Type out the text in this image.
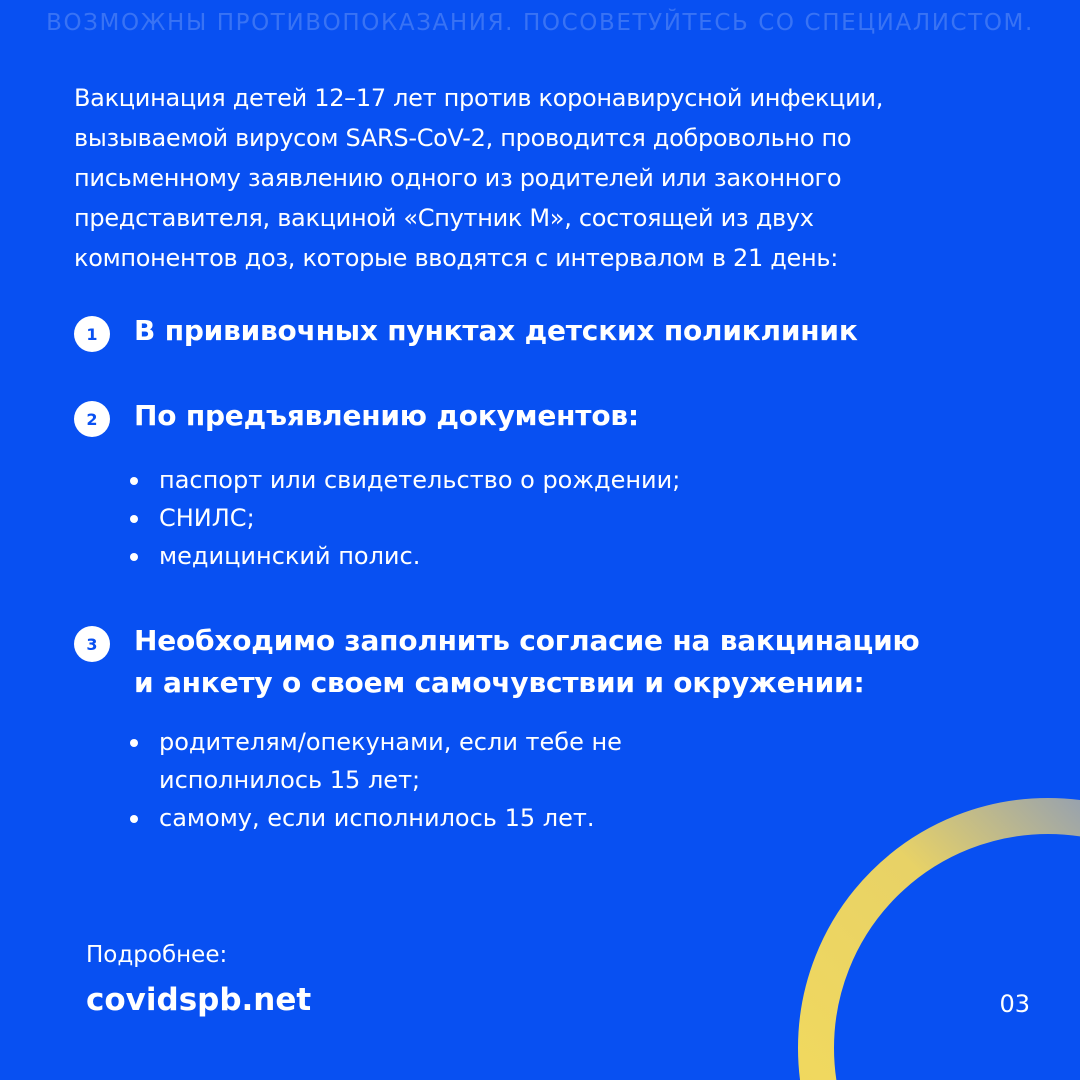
ВОЗМОЖНЫ ПРОТИВОПОКАЗАНИЯ. ПОСОВЕТУЙТЕСЬ СО СПЕЦИАЛИСТОМ.
Вакцинация детей 12–17 лет против коронавирусной инфекции,
вызываемой вирусом SARS-CoV-2, проводится добровольно по
письменному заявлению одного из родителей или законного
представителя, вакциной «Спутник М», состоящей из двух
компонентов доз, которые вводятся с интервалом в 21 день:
1	В прививочных пунктах детских поликлиник
2	По предъявлению документов:
паспорт или свидетельство о рождении;
СНИЛС;
медицинский полис.
3	Необходимо заполнить согласие на вакцинацию
и анкету о своем самочувствии и окружении:
родителям/опекунами, если тебе не
исполнилось 15 лет;
самому, если исполнилось 15 лет.
Подробнее:
covidspb.net	03
